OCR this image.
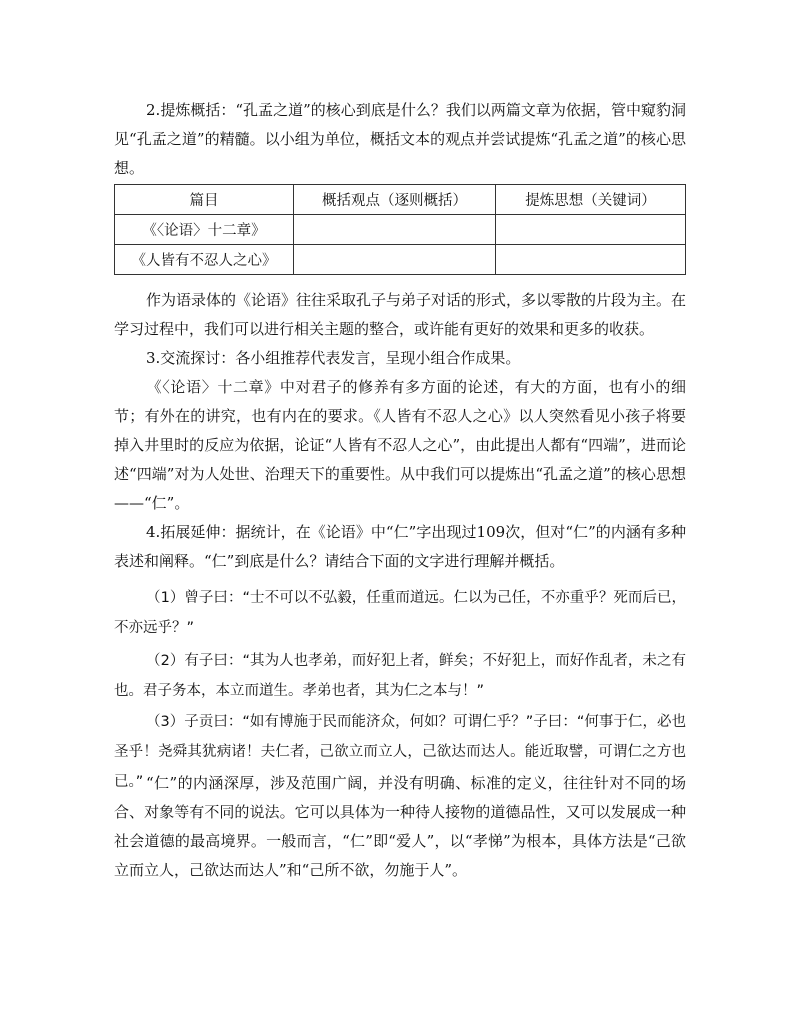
2.提炼概括：“孔孟之道”的核心到底是什么？我们以两篇文章为依据，管中窥豹洞见“孔孟之道”的精髓。以小组为单位，概括文本的观点并尝试提炼“孔孟之道”的核心思想。

篇目	概括观点（逐则概括）	提炼思想（关键词）
《〈论语〉十二章》		
《人皆有不忍人之心》		

作为语录体的《论语》往往采取孔子与弟子对话的形式，多以零散的片段为主。在学习过程中，我们可以进行相关主题的整合，或许能有更好的效果和更多的收获。

3.交流探讨：各小组推荐代表发言，呈现小组合作成果。

《〈论语〉十二章》中对君子的修养有多方面的论述，有大的方面，也有小的细节；有外在的讲究，也有内在的要求。《人皆有不忍人之心》以人突然看见小孩子将要掉入井里时的反应为依据，论证“人皆有不忍人之心”，由此提出人都有“四端”，进而论述“四端”对为人处世、治理天下的重要性。从中我们可以提炼出“孔孟之道”的核心思想——“仁”。

4.拓展延伸：据统计，在《论语》中“仁”字出现过109次，但对“仁”的内涵有多种表述和阐释。“仁”到底是什么？请结合下面的文字进行理解并概括。

（1）曾子曰：“士不可以不弘毅，任重而道远。仁以为己任，不亦重乎？死而后已，不亦远乎？”

（2）有子曰：“其为人也孝弟，而好犯上者，鲜矣；不好犯上，而好作乱者，未之有也。君子务本，本立而道生。孝弟也者，其为仁之本与！”

（3）子贡曰：“如有博施于民而能济众，何如？可谓仁乎？”子曰：“何事于仁，必也圣乎！尧舜其犹病诸！夫仁者，己欲立而立人，己欲达而达人。能近取譬，可谓仁之方也已。” “仁”的内涵深厚，涉及范围广阔，并没有明确、标准的定义，往往针对不同的场合、对象等有不同的说法。它可以具体为一种待人接物的道德品性，又可以发展成一种社会道德的最高境界。一般而言，“仁”即“爱人”，以“孝悌”为根本，具体方法是“己欲立而立人，己欲达而达人”和“己所不欲，勿施于人”。
